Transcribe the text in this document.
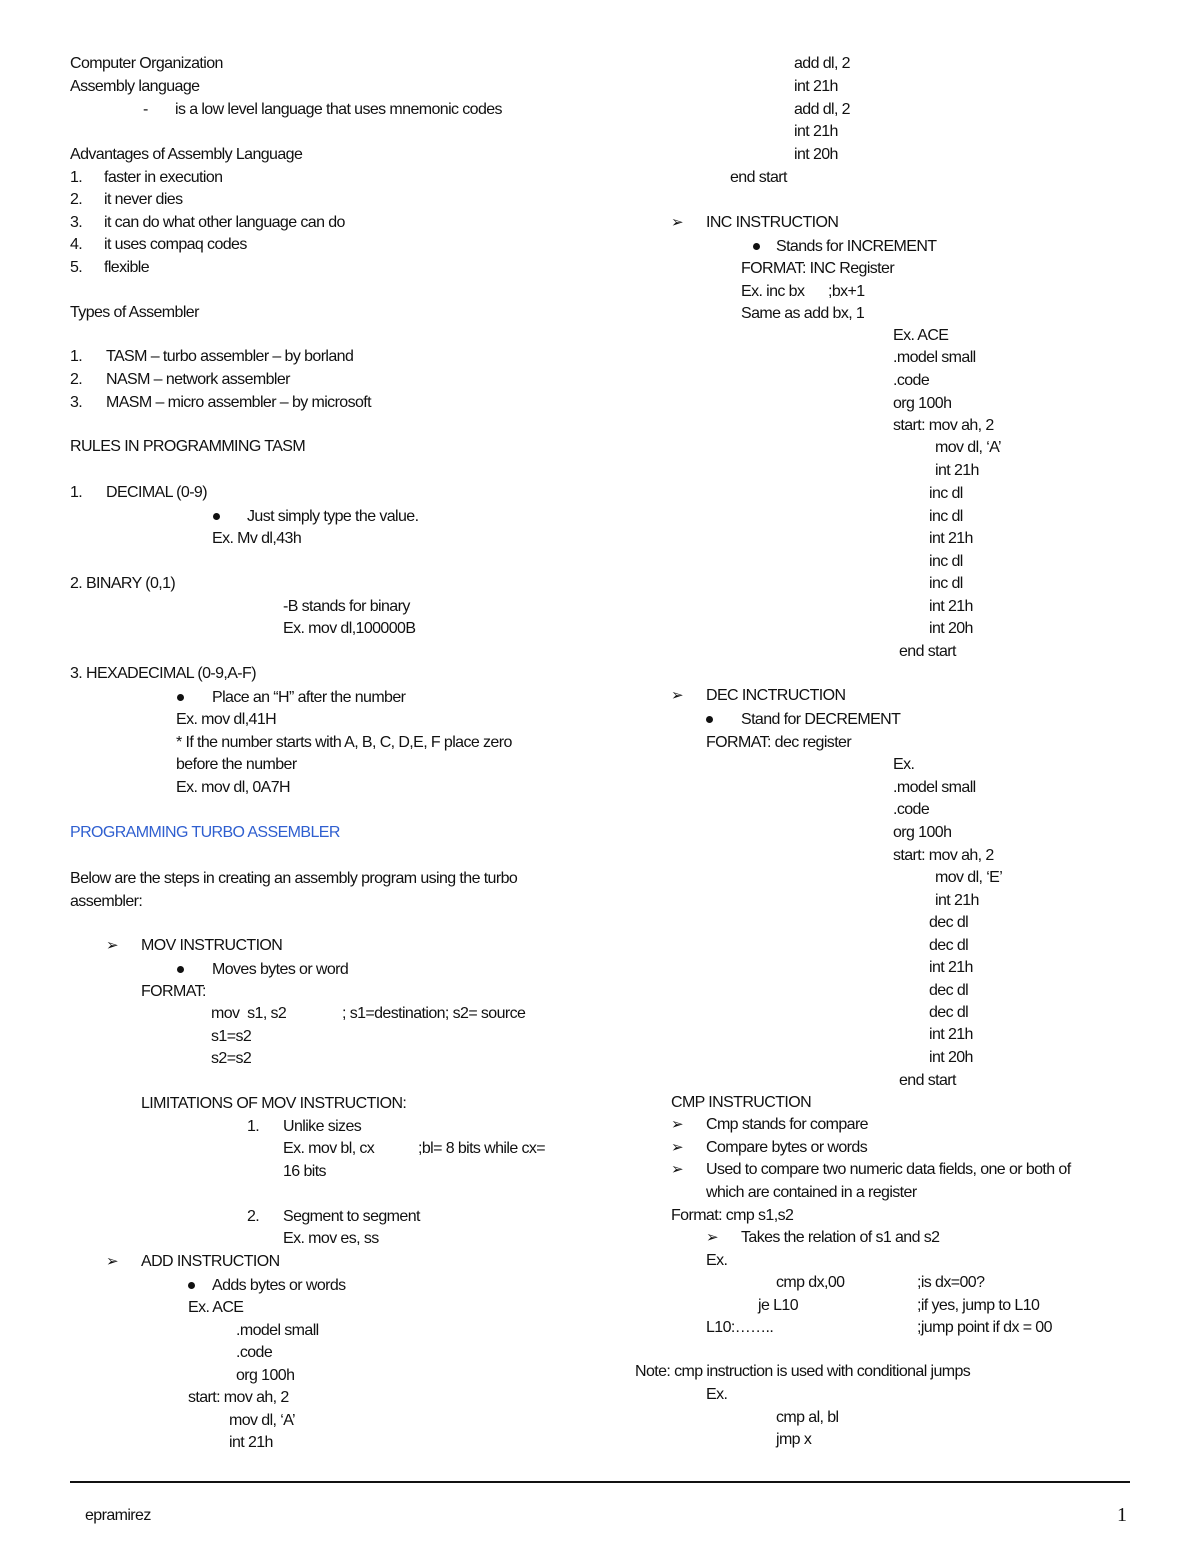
Computer Organization
Assembly language
- is a low level language that uses mnemonic codes
Advantages of Assembly Language
1. faster in execution
2. it never dies
3. it can do what other language can do
4. it uses compaq codes
5. flexible
Types of Assembler
1. TASM – turbo assembler – by borland
2. NASM – network assembler
3. MASM – micro assembler – by microsoft
RULES IN PROGRAMMING TASM
1. DECIMAL (0-9)
Just simply type the value.
Ex. Mv dl,43h
2. BINARY (0,1)
-B stands for binary
Ex. mov dl,100000B
3. HEXADECIMAL (0-9,A-F)
Place an “H” after the number
Ex. mov dl,41H
* If the number starts with A, B, C, D,E, F place zero
before the number
Ex. mov dl, 0A7H
PROGRAMMING TURBO ASSEMBLER
Below are the steps in creating an assembly program using the turbo
assembler:
➢ MOV INSTRUCTION
Moves bytes or word
FORMAT:
mov  s1, s2	; s1=destination; s2= source
s1=s2
s2=s2
LIMITATIONS OF MOV INSTRUCTION:
1. Unlike sizes
Ex. mov bl, cx	;bl= 8 bits while cx=
16 bits
2. Segment to segment
Ex. mov es, ss
➢ ADD INSTRUCTION
Adds bytes or words
Ex. ACE
.model small
.code
org 100h
start: mov ah, 2
mov dl, ‘A’
int 21h
add dl, 2
int 21h
add dl, 2
int 21h
int 20h
end start
➢ INC INSTRUCTION
Stands for INCREMENT
FORMAT: INC Register
Ex. inc bx ;bx+1
Same as add bx, 1
Ex. ACE
.model small
.code
org 100h
start: mov ah, 2
mov dl, ‘A’
int 21h
inc dl
inc dl
int 21h
inc dl
inc dl
int 21h
int 20h
end start
➢ DEC INCTRUCTION
Stand for DECREMENT
FORMAT: dec register
Ex.
.model small
.code
org 100h
start: mov ah, 2
mov dl, ‘E’
int 21h
dec dl
dec dl
int 21h
dec dl
dec dl
int 21h
int 20h
end start
CMP INSTRUCTION
➢ Cmp stands for compare
➢ Compare bytes or words
➢ Used to compare two numeric data fields, one or both of
which are contained in a register
Format: cmp s1,s2
➢ Takes the relation of s1 and s2
Ex.
cmp dx,00	;is dx=00?
je L10	;if yes, jump to L10
L10:……..	;jump point if dx = 00
Note: cmp instruction is used with conditional jumps
Ex.
cmp al, bl
jmp x
epramirez	1
